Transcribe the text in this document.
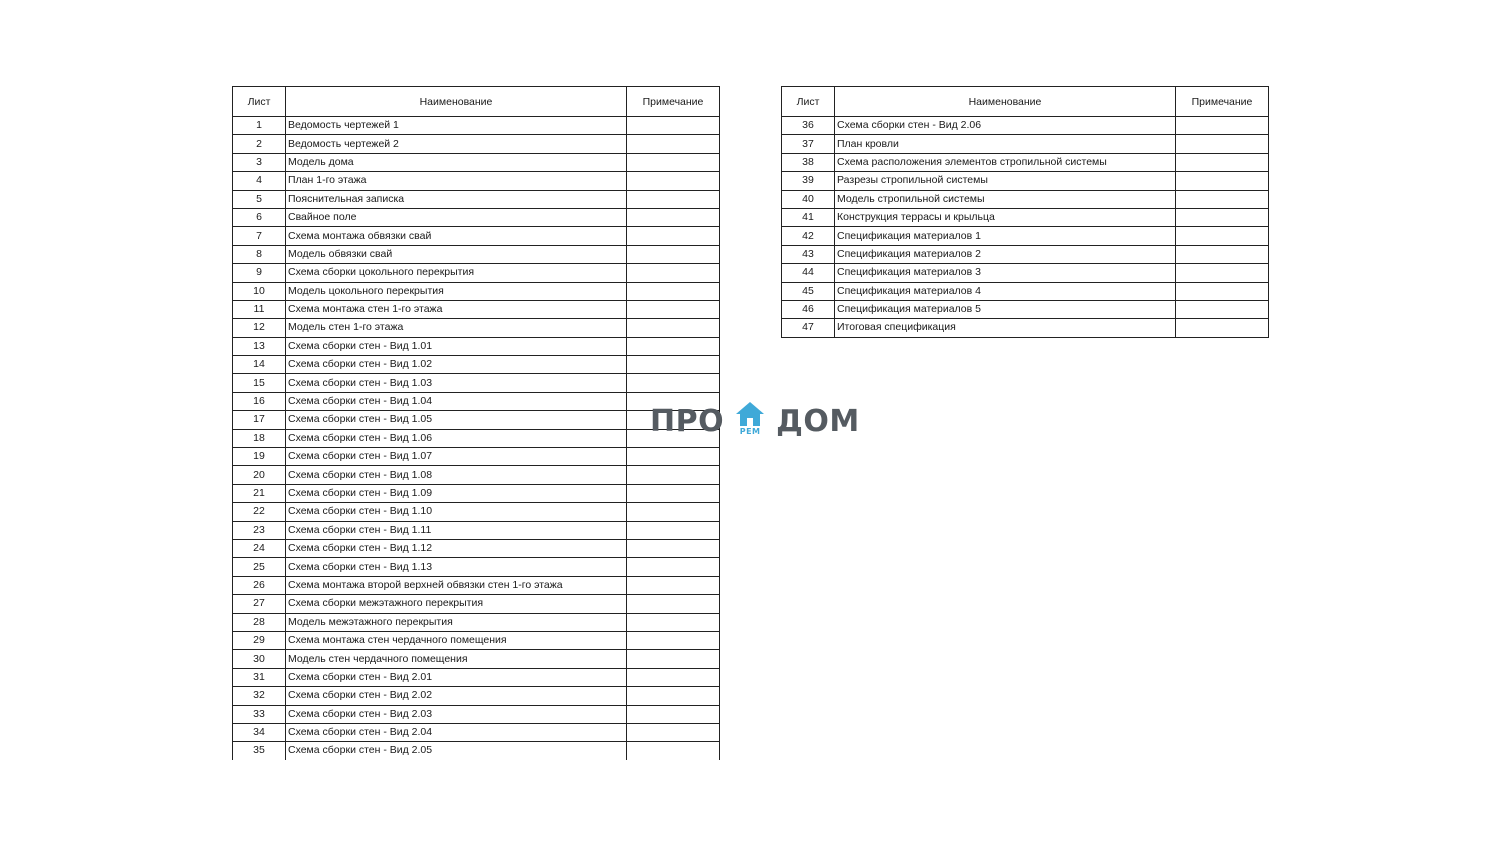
Лист	Наименование	Примечание
1	Ведомость чертежей 1	
2	Ведомость чертежей 2	
3	Модель дома	
4	План 1-го этажа	
5	Пояснительная записка	
6	Свайное поле	
7	Схема монтажа обвязки свай	
8	Модель обвязки свай	
9	Схема сборки цокольного перекрытия	
10	Модель цокольного перекрытия	
11	Схема монтажа стен 1-го этажа	
12	Модель стен 1-го этажа	
13	Схема сборки стен - Вид 1.01	
14	Схема сборки стен - Вид 1.02	
15	Схема сборки стен - Вид 1.03	
16	Схема сборки стен - Вид 1.04	
17	Схема сборки стен - Вид 1.05	
18	Схема сборки стен - Вид 1.06	
19	Схема сборки стен - Вид 1.07	
20	Схема сборки стен - Вид 1.08	
21	Схема сборки стен - Вид 1.09	
22	Схема сборки стен - Вид 1.10	
23	Схема сборки стен - Вид 1.11	
24	Схема сборки стен - Вид 1.12	
25	Схема сборки стен - Вид 1.13	
26	Схема монтажа второй верхней обвязки стен 1-го этажа	
27	Схема сборки межэтажного перекрытия	
28	Модель межэтажного перекрытия	
29	Схема монтажа стен чердачного помещения	
30	Модель стен чердачного помещения	
31	Схема сборки стен - Вид 2.01	
32	Схема сборки стен - Вид 2.02	
33	Схема сборки стен - Вид 2.03	
34	Схема сборки стен - Вид 2.04	
35	Схема сборки стен - Вид 2.05	
Лист	Наименование	Примечание
36	Схема сборки стен - Вид 2.06	
37	План кровли	
38	Схема расположения элементов стропильной системы	
39	Разрезы стропильной системы	
40	Модель стропильной системы	
41	Конструкция террасы и крыльца	
42	Спецификация материалов 1	
43	Спецификация материалов 2	
44	Спецификация материалов 3	
45	Спецификация материалов 4	
46	Спецификация материалов 5	
47	Итоговая спецификация	
ПРО РЕМ ДОМ
